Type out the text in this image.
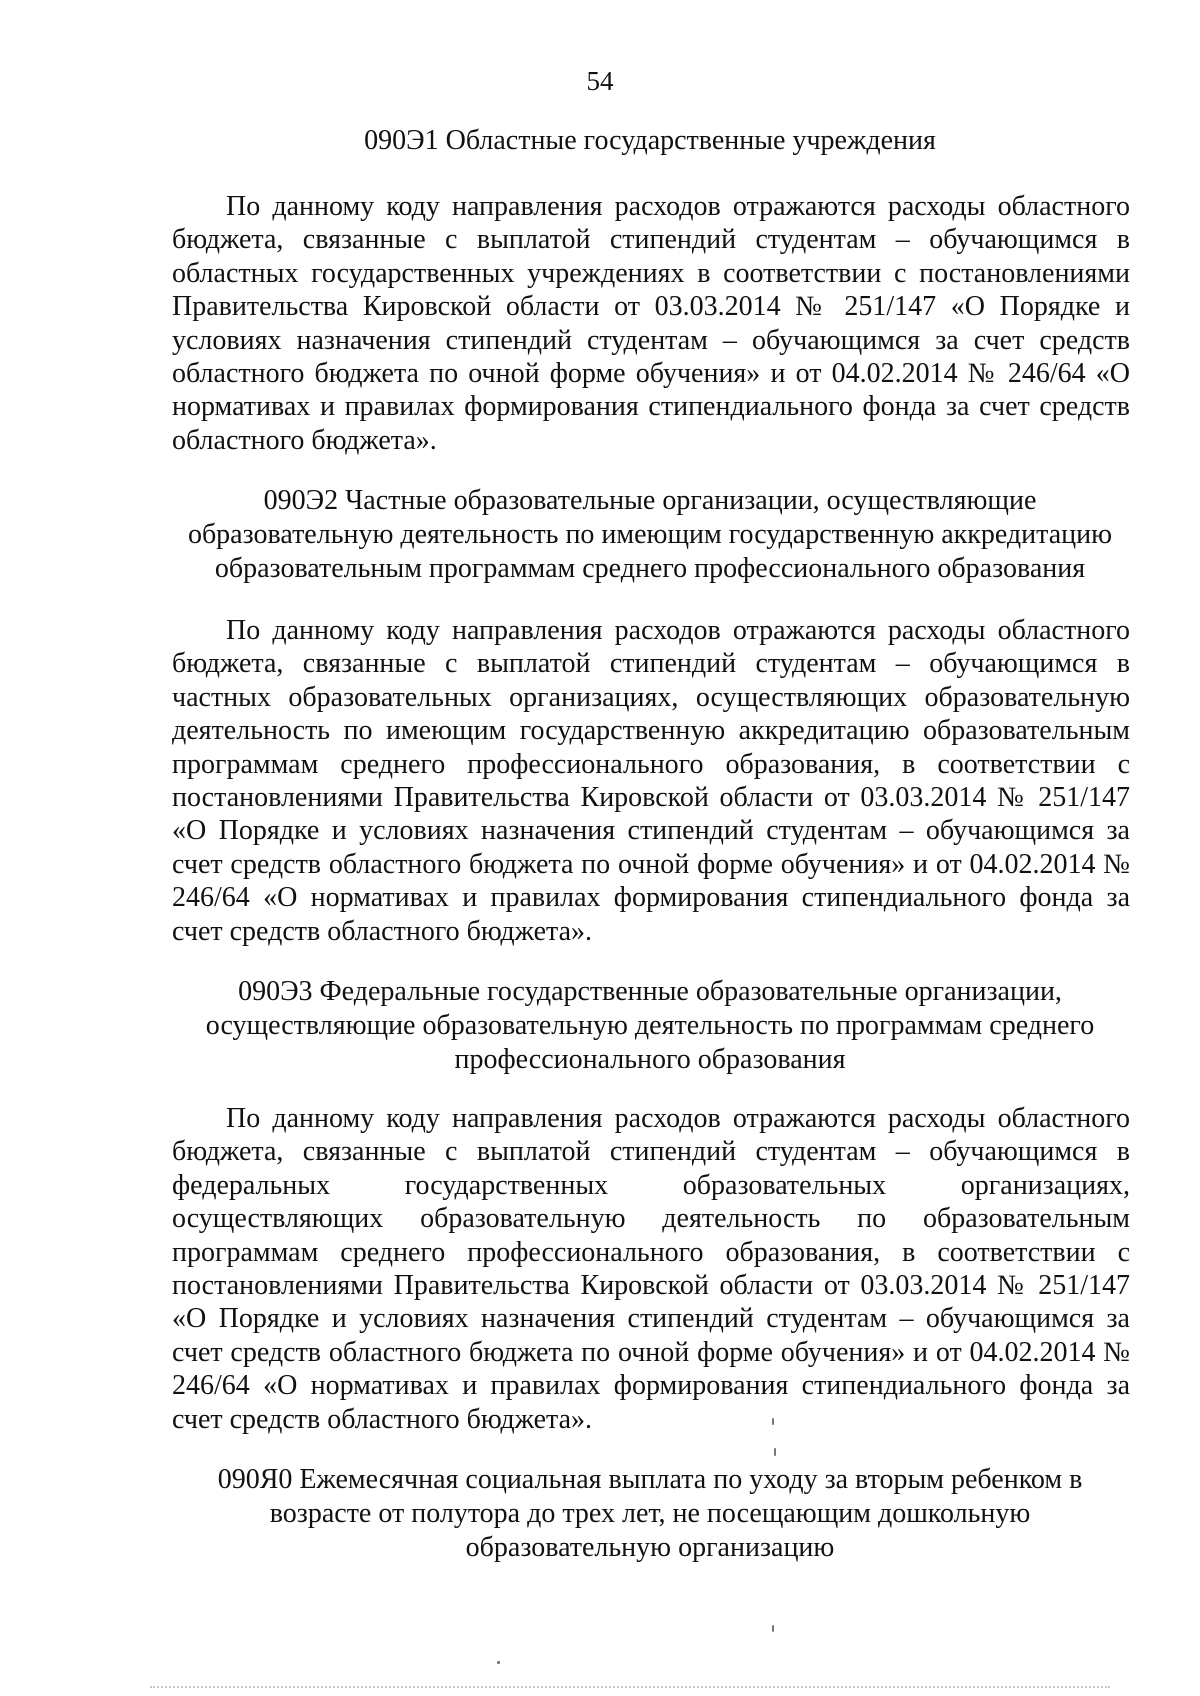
54
090Э1 Областные государственные учреждения
По данному коду направления расходов отражаются расходы областного бюджета, связанные с выплатой стипендий студентам – обучающимся в областных государственных учреждениях в соответствии с постановлениями Правительства Кировской области от 03.03.2014 № 251/147 «О Порядке и условиях назначения стипендий студентам – обучающимся за счет средств областного бюджета по очной форме обучения» и от 04.02.2014 № 246/64 «О нормативах и правилах формирования стипендиального фонда за счет средств областного бюджета».
090Э2 Частные образовательные организации, осуществляющие образовательную деятельность по имеющим государственную аккредитацию образовательным программам среднего профессионального образования
По данному коду направления расходов отражаются расходы областного бюджета, связанные с выплатой стипендий студентам – обучающимся в частных образовательных организациях, осуществляющих образовательную деятельность по имеющим государственную аккредитацию образовательным программам среднего профессионального образования, в соответствии с постановлениями Правительства Кировской области от 03.03.2014 № 251/147 «О Порядке и условиях назначения стипендий студентам – обучающимся за счет средств областного бюджета по очной форме обучения» и от 04.02.2014 № 246/64 «О нормативах и правилах формирования стипендиального фонда за счет средств областного бюджета».
090Э3 Федеральные государственные образовательные организации, осуществляющие образовательную деятельность по программам среднего профессионального образования
По данному коду направления расходов отражаются расходы областного бюджета, связанные с выплатой стипендий студентам – обучающимся в федеральных государственных образовательных организациях, осуществляющих образовательную деятельность по образовательным программам среднего профессионального образования, в соответствии с постановлениями Правительства Кировской области от 03.03.2014 № 251/147 «О Порядке и условиях назначения стипендий студентам – обучающимся за счет средств областного бюджета по очной форме обучения» и от 04.02.2014 № 246/64 «О нормативах и правилах формирования стипендиального фонда за счет средств областного бюджета».
090Я0 Ежемесячная социальная выплата по уходу за вторым ребенком в возрасте от полутора до трех лет, не посещающим дошкольную образовательную организацию
